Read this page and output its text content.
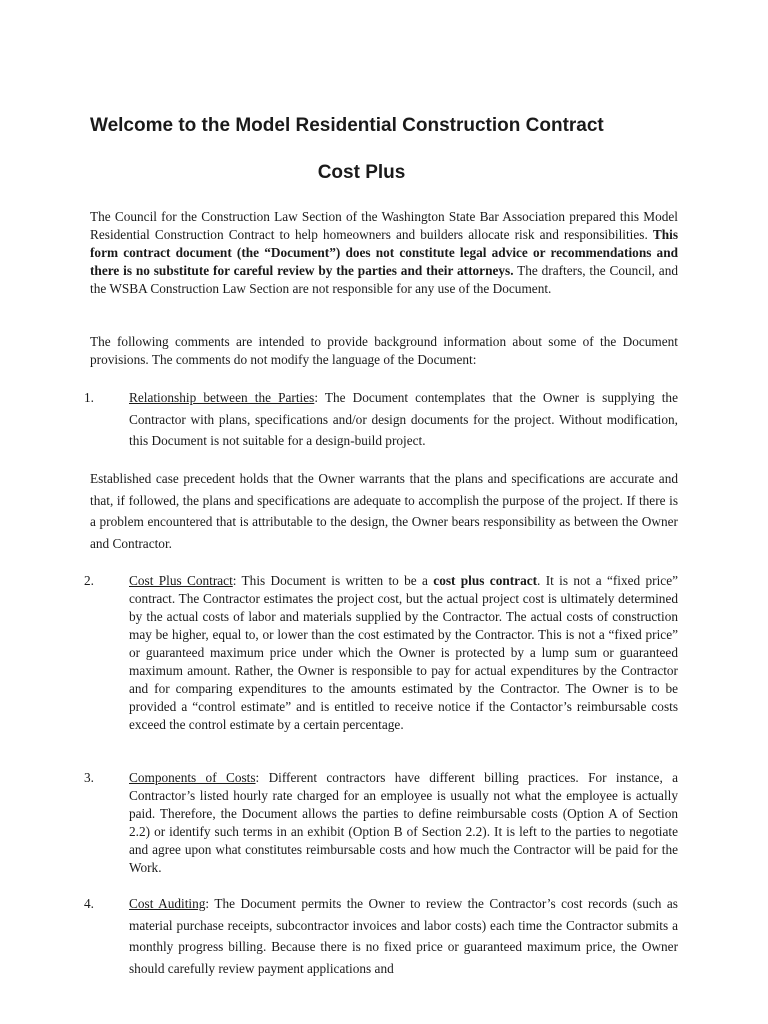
Welcome to the Model Residential Construction Contract
Cost Plus

The Council for the Construction Law Section of the Washington State Bar Association prepared this Model Residential Construction Contract to help homeowners and builders allocate risk and responsibilities. This form contract document (the “Document”) does not constitute legal advice or recommendations and there is no substitute for careful review by the parties and their attorneys. The drafters, the Council, and the WSBA Construction Law Section are not responsible for any use of the Document.

The following comments are intended to provide background information about some of the Document provisions. The comments do not modify the language of the Document:

1.	Relationship between the Parties: The Document contemplates that the Owner is supplying the Contractor with plans, specifications and/or design documents for the project. Without modification, this Document is not suitable for a design-build project.

Established case precedent holds that the Owner warrants that the plans and specifications are accurate and that, if followed, the plans and specifications are adequate to accomplish the purpose of the project. If there is a problem encountered that is attributable to the design, the Owner bears responsibility as between the Owner and Contractor.

2.	Cost Plus Contract: This Document is written to be a cost plus contract. It is not a “fixed price” contract. The Contractor estimates the project cost, but the actual project cost is ultimately determined by the actual costs of labor and materials supplied by the Contractor. The actual costs of construction may be higher, equal to, or lower than the cost estimated by the Contractor. This is not a “fixed price” or guaranteed maximum price under which the Owner is protected by a lump sum or guaranteed maximum amount. Rather, the Owner is responsible to pay for actual expenditures by the Contractor and for comparing expenditures to the amounts estimated by the Contractor. The Owner is to be provided a “control estimate” and is entitled to receive notice if the Contactor’s reimbursable costs exceed the control estimate by a certain percentage.
3.	Components of Costs: Different contractors have different billing practices. For instance, a Contractor’s listed hourly rate charged for an employee is usually not what the employee is actually paid. Therefore, the Document allows the parties to define reimbursable costs (Option A of Section 2.2) or identify such terms in an exhibit (Option B of Section 2.2). It is left to the parties to negotiate and agree upon what constitutes reimbursable costs and how much the Contractor will be paid for the Work.
4.	Cost Auditing: The Document permits the Owner to review the Contractor’s cost records (such as material purchase receipts, subcontractor invoices and labor costs) each time the Contractor submits a monthly progress billing. Because there is no fixed price or guaranteed maximum price, the Owner should carefully review payment applications and
